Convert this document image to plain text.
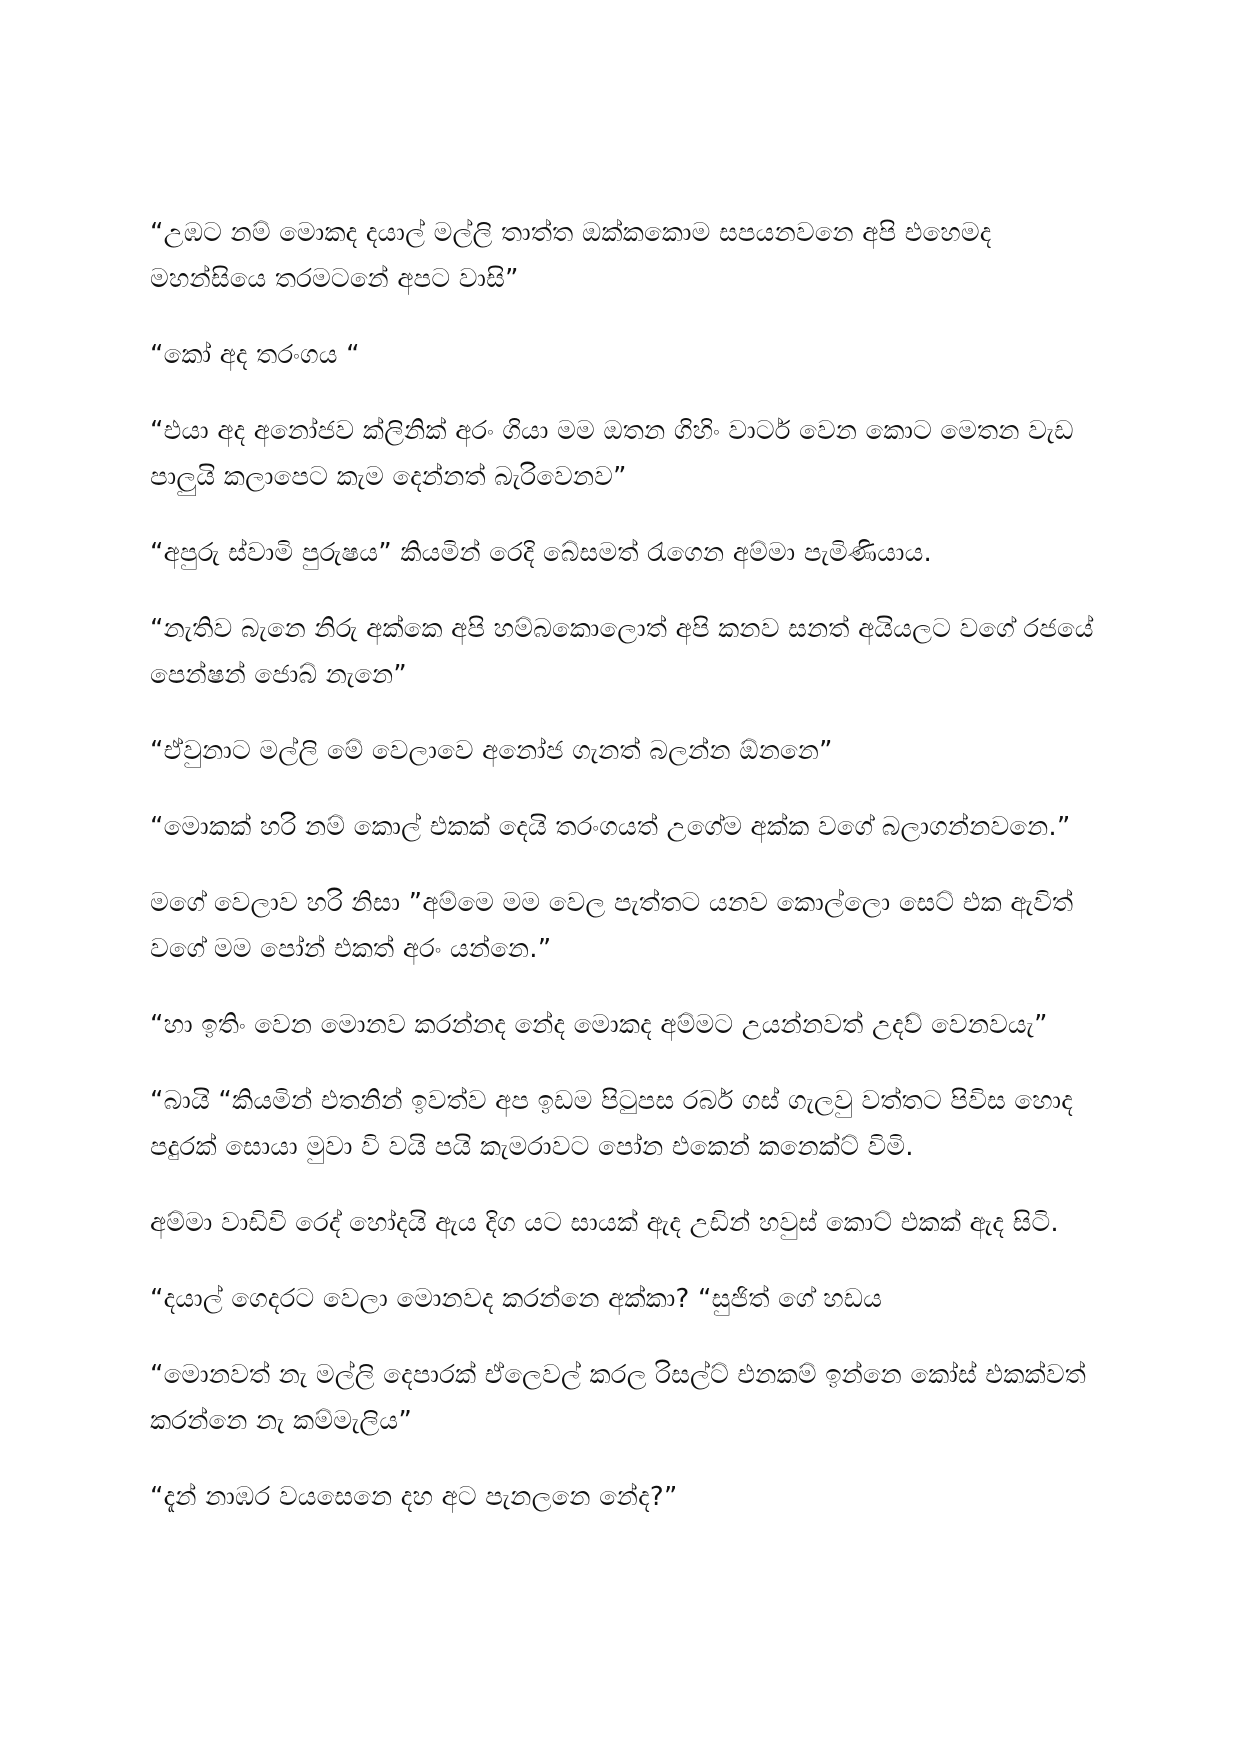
“උඹට නම් මොකද දයාල් මල්ලි තාත්ත ඔක්කකොම සපයනවනෙ අපි එහෙමද මහන්සියෙ තරමටනේ අපට වාසි”

“කෝ අද තරංගය “

“එයා අද අනෝජව ක්ලිනික් අරං ගියා මම ඔතන ගිහිං වාටර් වෙන කොට මෙතන වැඩ පාලුයි කලාපෙට කැම දෙන්නත් බැරිවෙනව”

“අපුරු ස්වාමි පුරුෂය” කියමින් රෙදි බේසමත් රැගෙන අම්මා පැමිණියාය.

“නැතිව බැනෙ නිරු අක්කෙ අපි හම්බකොලොත් අපි කනව සනත් අයියලට වගේ රජයේ පෙන්ෂන් ජොබ් නැනෙ”

“ඒවුනාට මල්ලි මේ වෙලාවෙ අනෝජ ගැනත් බලන්න ඕනනෙ”

“මොකක් හරි නම් කොල් එකක් දෙයි තරංගයත් උගේම අක්ක වගේ බලාගන්නවනෙ.”

මගේ වෙලාව හරි නිසා ”අම්මෙ මම වෙල පැත්තට යනව කොල්ලො සෙට් එක ඇවිත් වගේ මම පෝන් එකත් අරං යන්නෙ.”

“හා ඉතිං වෙන මොනව කරන්නද නේද මොකද අම්මට උයන්නවත් උදව් වෙනවයැ”

“බායි “කියමින් එතනින් ඉවත්ව අප ඉඩම පිටුපස රබර් ගස් ගැලවු වත්තට පිවිස හොද පදුරක් සොයා මුවා වි වයි පයි කැමරාවට පෝන එකෙන් කනෙක්ට් විමි.

අම්මා වාඩිවි රෙද් හෝදයි ඇය දිග යට සායක් ඇද උඩින් හවුස් කොට් එකක් ඇද සිටි.

“දයාල් ගෙදරට වෙලා මොනවද කරන්නෙ අක්කා? “සුජිත් ගේ හඩය

“මොනවත් නැ මල්ලි දෙපාරක් ඒලෙවල් කරල රිසල්ට් එනකම් ඉන්නෙ කෝස් එකක්වත් කරන්නෙ නැ කම්මැලිය”

“දැන් නාඹර වයසෙනෙ දහ අට පැනලනෙ නේද?”
